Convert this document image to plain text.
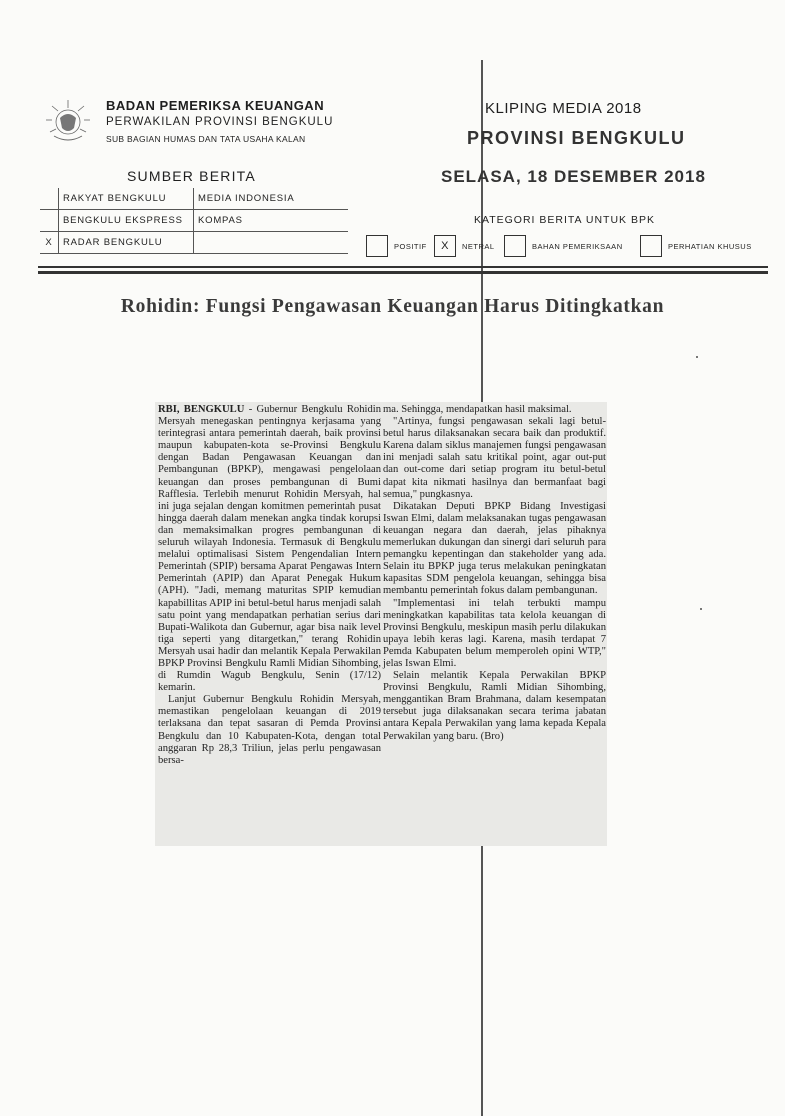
BADAN PEMERIKSA KEUANGAN
PERWAKILAN PROVINSI BENGKULU
SUB BAGIAN HUMAS DAN TATA USAHA KALAN
KLIPING MEDIA 2018
PROVINSI BENGKULU
SELASA, 18 DESEMBER 2018
SUMBER BERITA
	RAKYAT BENGKULU	MEDIA INDONESIA
	BENGKULU EKSPRESS	KOMPAS
X	RADAR BENGKULU	
KATEGORI BERITA UNTUK BPK
POSITIF	X	NETRAL	BAHAN PEMERIKSAAN	PERHATIAN KHUSUS
Rohidin: Fungsi Pengawasan Keuangan Harus Ditingkatkan

RBI, BENGKULU - Gubernur Bengkulu Rohidin Mersyah menegaskan pentingnya kerjasama yang terintegrasi antara pemerintah daerah, baik provinsi maupun kabupaten-kota se-Provinsi Bengkulu dengan Badan Pengawasan Keuangan dan Pembangunan (BPKP), mengawasi pengelolaan keuangan dan proses pembangunan di Bumi Rafflesia. Terlebih menurut Rohidin Mersyah, hal ini juga sejalan dengan komitmen pemerintah pusat hingga daerah dalam menekan angka tindak korupsi dan memaksimalkan progres pembangunan di seluruh wilayah Indonesia. Termasuk di Bengkulu melalui optimalisasi Sistem Pengendalian Intern Pemerintah (SPIP) bersama Aparat Pengawas Intern Pemerintah (APIP) dan Aparat Penegak Hukum (APH). "Jadi, memang maturitas SPIP kemudian kapabillitas APIP ini betul-betul harus menjadi salah satu point yang mendapatkan perhatian serius dari Bupati-Walikota dan Gubernur, agar bisa naik level tiga seperti yang ditargetkan," terang Rohidin Mersyah usai hadir dan melantik Kepala Perwakilan BPKP Provinsi Bengkulu Ramli Midian Sihombing, di Rumdin Wagub Bengkulu, Senin (17/12) kemarin.

Lanjut Gubernur Bengkulu Rohidin Mersyah, memastikan pengelolaan keuangan di 2019 terlaksana dan tepat sasaran di Pemda Provinsi Bengkulu dan 10 Kabupaten-Kota, dengan total anggaran Rp 28,3 Triliun, jelas perlu pengawasan bersa-

ma. Sehingga, mendapatkan hasil maksimal.

"Artinya, fungsi pengawasan sekali lagi betul-betul harus dilaksanakan secara baik dan produktif. Karena dalam siklus manajemen fungsi pengawasan ini menjadi salah satu kritikal point, agar out-put dan out-come dari setiap program itu betul-betul dapat kita nikmati hasilnya dan bermanfaat bagi semua," pungkasnya.

Dikatakan Deputi BPKP Bidang Investigasi Iswan Elmi, dalam melaksanakan tugas pengawasan keuangan negara dan daerah, jelas pihaknya memerlukan dukungan dan sinergi dari seluruh para pemangku kepentingan dan stakeholder yang ada. Selain itu BPKP juga terus melakukan peningkatan kapasitas SDM pengelola keuangan, sehingga bisa membantu pemerintah fokus dalam pembangunan.

"Implementasi ini telah terbukti mampu meningkatkan kapabilitas tata kelola keuangan di Provinsi Bengkulu, meskipun masih perlu dilakukan upaya lebih keras lagi. Karena, masih terdapat 7 Pemda Kabupaten belum memperoleh opini WTP," jelas Iswan Elmi.

Selain melantik Kepala Perwakilan BPKP Provinsi Bengkulu, Ramli Midian Sihombing, menggantikan Bram Brahmana, dalam kesempatan tersebut juga dilaksanakan secara terima jabatan antara Kepala Perwakilan yang lama kepada Kepala Perwakilan yang baru. (Bro)
